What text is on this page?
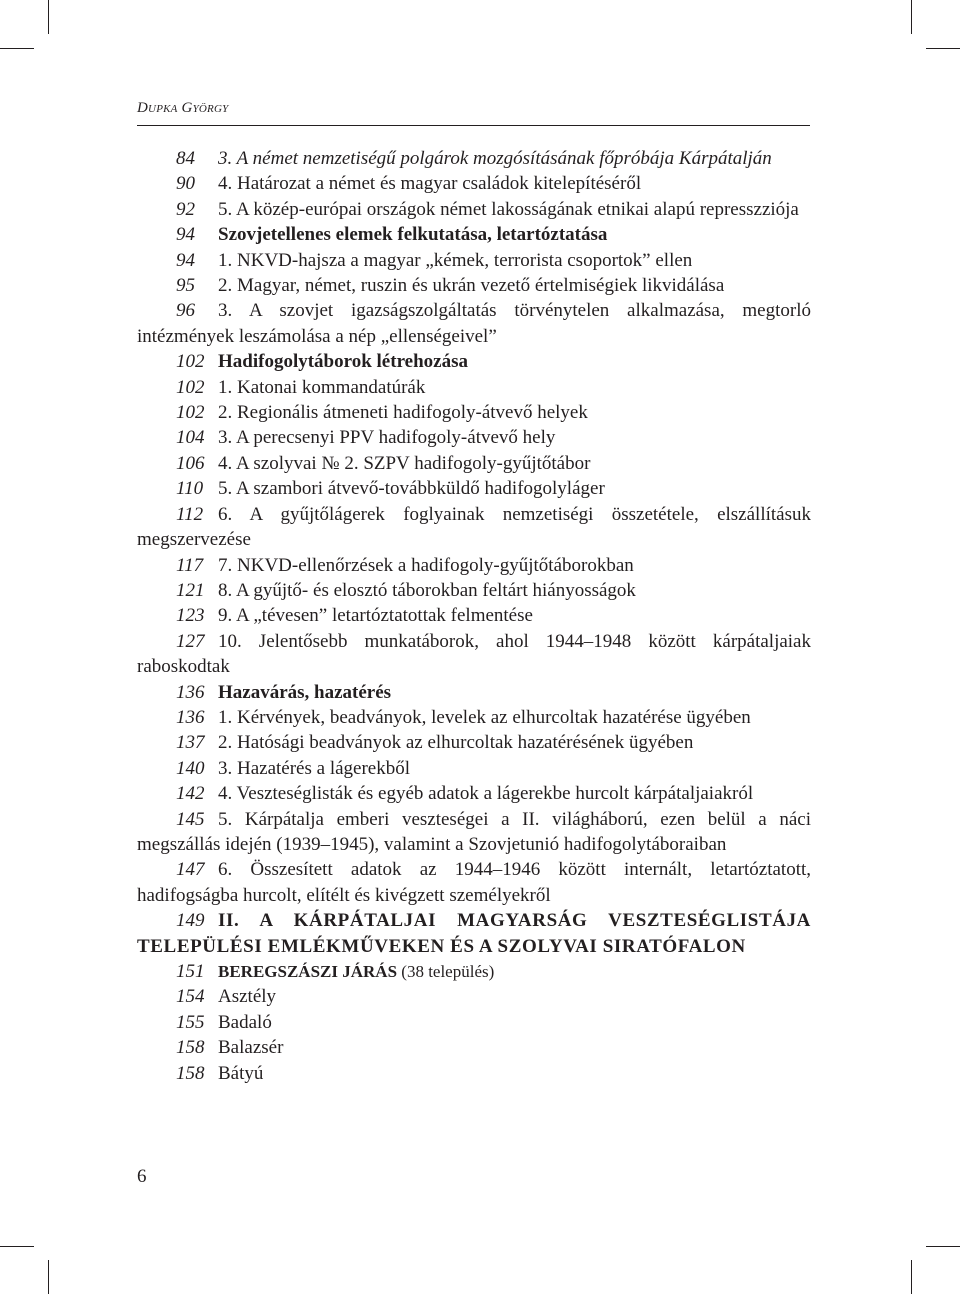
DUPKA GYÖRGY
84 3. A német nemzetiségű polgárok mozgósításának főpróbája Kárpátalján
90 4. Határozat a német és magyar családok kitelepítéséről
92 5. A közép-európai országok német lakosságának etnikai alapú represszziója
94 Szovjetellenes elemek felkutatása, letartóztatása
94 1. NKVD-hajsza a magyar „kémek, terrorista csoportok” ellen
95 2. Magyar, német, ruszin és ukrán vezető értelmiségiek likvidálása
96 3. A szovjet igazságszolgáltatás törvénytelen alkalmazása, megtorló intézmények leszámolása a nép „ellenségeivel”
102 Hadifogolytáborok létrehozása
102 1. Katonai kommandatúrák
102 2. Regionális átmeneti hadifogoly-átvevő helyek
104 3. A perecsenyi PPV hadifogoly-átvevő hely
106 4. A szolyvai № 2. SZPV hadifogoly-gyűjtőtábor
110 5. A szambori átvevő-továbbküldő hadifogolyláger
112 6. A gyűjtőlágerek foglyainak nemzetiségi összetétele, elszállításuk megszervezése
117 7. NKVD-ellenőrzések a hadifogoly-gyűjtőtáborokban
121 8. A gyűjtő- és elosztó táborokban feltárt hiányosságok
123 9. A „tévesen” letartóztatottak felmentése
127 10. Jelentősebb munkatáborok, ahol 1944–1948 között kárpátaljaiak raboskodtak
136 Hazavárás, hazatérés
136 1. Kérvények, beadványok, levelek az elhurcoltak hazatérése ügyében
137 2. Hatósági beadványok az elhurcoltak hazatérésének ügyében
140 3. Hazatérés a lágerekből
142 4. Veszteséglisták és egyéb adatok a lágerekbe hurcolt kárpátaljaiakról
145 5. Kárpátalja emberi veszteségei a II. világháború, ezen belül a náci megszállás idején (1939–1945), valamint a Szovjetunió hadifogolytáboraiban
147 6. Összesített adatok az 1944–1946 között internált, letartóztatott, hadifogságba hurcolt, elítélt és kivégzett személyekről
149 II. A KÁRPÁTALJAI MAGYARSÁG VESZTESÉGLISTÁJA TELEPÜLÉSI EMLÉKMŰVEKEN ÉS A SZOLYVAI SIRATÓFALON
151 BEREGSZÁSZI JÁRÁS (38 település)
154 Asztély
155 Badaló
158 Balazsér
158 Bátyú
6
